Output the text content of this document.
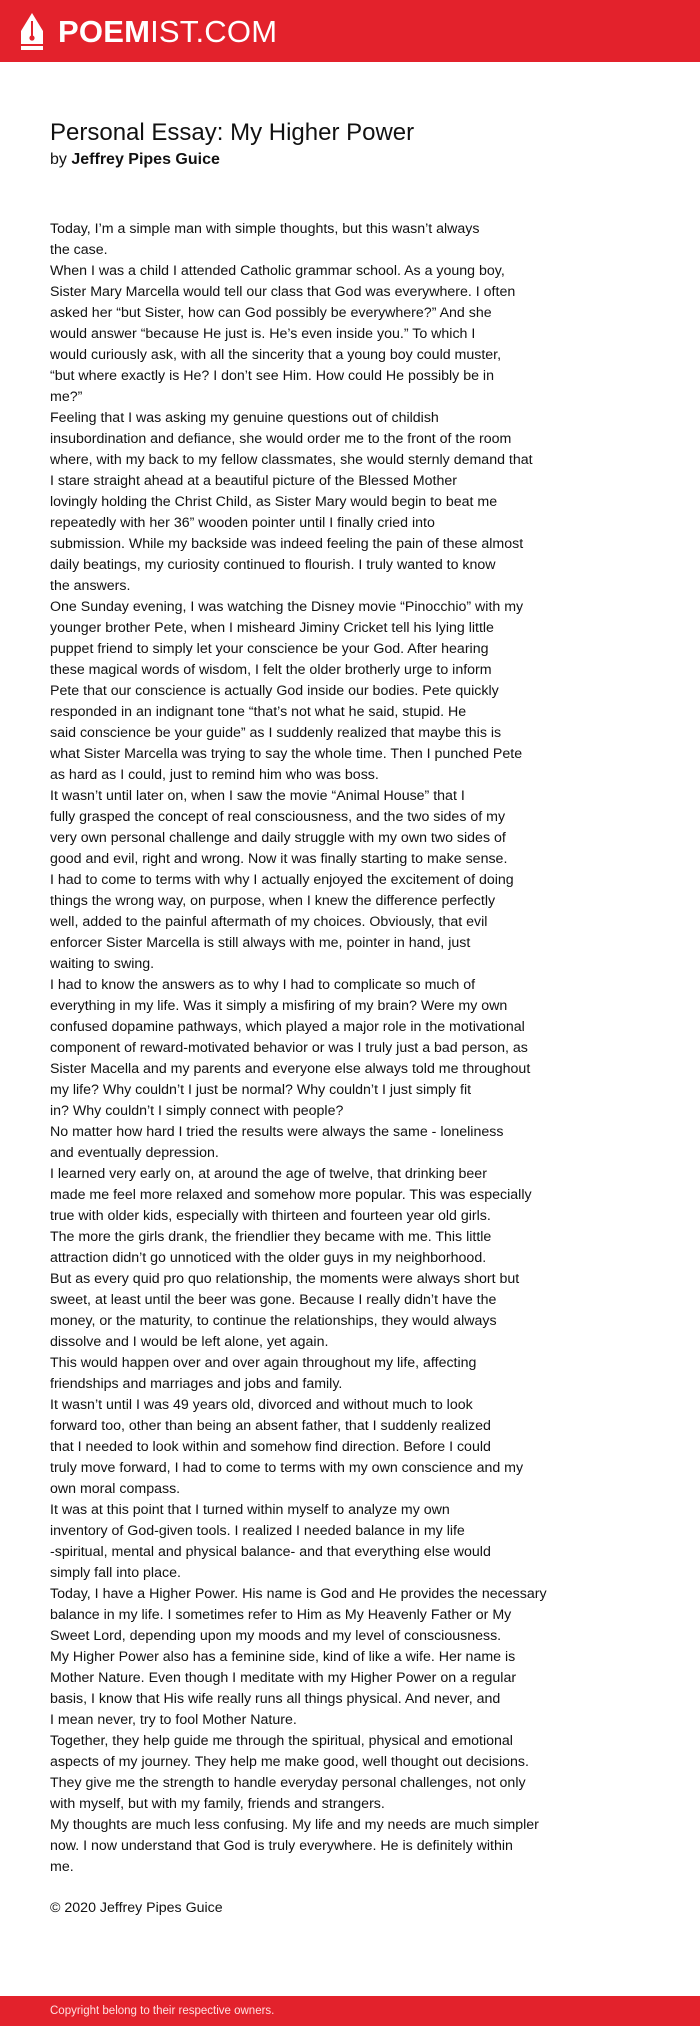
POEMIST.COM
Personal Essay: My Higher Power
by Jeffrey Pipes Guice
Today, I’m a simple man with simple thoughts, but this wasn’t always
the case.
When I was a child I attended Catholic grammar school. As a young boy,
Sister Mary Marcella would tell our class that God was everywhere. I often
asked her “but Sister, how can God possibly be everywhere?” And she
would answer “because He just is. He’s even inside you.” To which I
would curiously ask, with all the sincerity that a young boy could muster,
“but where exactly is He? I don’t see Him. How could He possibly be in
me?”
Feeling that I was asking my genuine questions out of childish
insubordination and defiance, she would order me to the front of the room
where, with my back to my fellow classmates, she would sternly demand that
I stare straight ahead at a beautiful picture of the Blessed Mother
lovingly holding the Christ Child, as Sister Mary would begin to beat me
repeatedly with her 36” wooden pointer until I finally cried into
submission. While my backside was indeed feeling the pain of these almost
daily beatings, my curiosity continued to flourish. I truly wanted to know
the answers.
One Sunday evening, I was watching the Disney movie “Pinocchio” with my
younger brother Pete, when I misheard Jiminy Cricket tell his lying little
puppet friend to simply let your conscience be your God. After hearing
these magical words of wisdom, I felt the older brotherly urge to inform
Pete that our conscience is actually God inside our bodies. Pete quickly
responded in an indignant tone “that’s not what he said, stupid. He
said conscience be your guide” as I suddenly realized that maybe this is
what Sister Marcella was trying to say the whole time. Then I punched Pete
as hard as I could, just to remind him who was boss.
It wasn’t until later on, when I saw the movie “Animal House” that I
fully grasped the concept of real consciousness, and the two sides of my
very own personal challenge and daily struggle with my own two sides of
good and evil, right and wrong. Now it was finally starting to make sense.
I had to come to terms with why I actually enjoyed the excitement of doing
things the wrong way, on purpose, when I knew the difference perfectly
well, added to the painful aftermath of my choices. Obviously, that evil
enforcer Sister Marcella is still always with me, pointer in hand, just
waiting to swing.
I had to know the answers as to why I had to complicate so much of
everything in my life. Was it simply a misfiring of my brain? Were my own
confused dopamine pathways, which played a major role in the motivational
component of reward-motivated behavior or was I truly just a bad person, as
Sister Macella and my parents and everyone else always told me throughout
my life? Why couldn’t I just be normal? Why couldn’t I just simply fit
in? Why couldn’t I simply connect with people?
No matter how hard I tried the results were always the same - loneliness
and eventually depression.
I learned very early on, at around the age of twelve, that drinking beer
made me feel more relaxed and somehow more popular. This was especially
true with older kids, especially with thirteen and fourteen year old girls.
The more the girls drank, the friendlier they became with me. This little
attraction didn’t go unnoticed with the older guys in my neighborhood.
But as every quid pro quo relationship, the moments were always short but
sweet, at least until the beer was gone. Because I really didn’t have the
money, or the maturity, to continue the relationships, they would always
dissolve and I would be left alone, yet again.
This would happen over and over again throughout my life, affecting
friendships and marriages and jobs and family.
It wasn’t until I was 49 years old, divorced and without much to look
forward too, other than being an absent father, that I suddenly realized
that I needed to look within and somehow find direction. Before I could
truly move forward, I had to come to terms with my own conscience and my
own moral compass.
It was at this point that I turned within myself to analyze my own
inventory of God-given tools. I realized I needed balance in my life
-spiritual, mental and physical balance- and that everything else would
simply fall into place.
Today, I have a Higher Power. His name is God and He provides the necessary
balance in my life. I sometimes refer to Him as My Heavenly Father or My
Sweet Lord, depending upon my moods and my level of consciousness.
My Higher Power also has a feminine side, kind of like a wife. Her name is
Mother Nature. Even though I meditate with my Higher Power on a regular
basis, I know that His wife really runs all things physical. And never, and
I mean never, try to fool Mother Nature.
Together, they help guide me through the spiritual, physical and emotional
aspects of my journey. They help me make good, well thought out decisions.
They give me the strength to handle everyday personal challenges, not only
with myself, but with my family, friends and strangers.
My thoughts are much less confusing. My life and my needs are much simpler
now. I now understand that God is truly everywhere. He is definitely within
me.
© 2020 Jeffrey Pipes Guice
Copyright belong to their respective owners.
